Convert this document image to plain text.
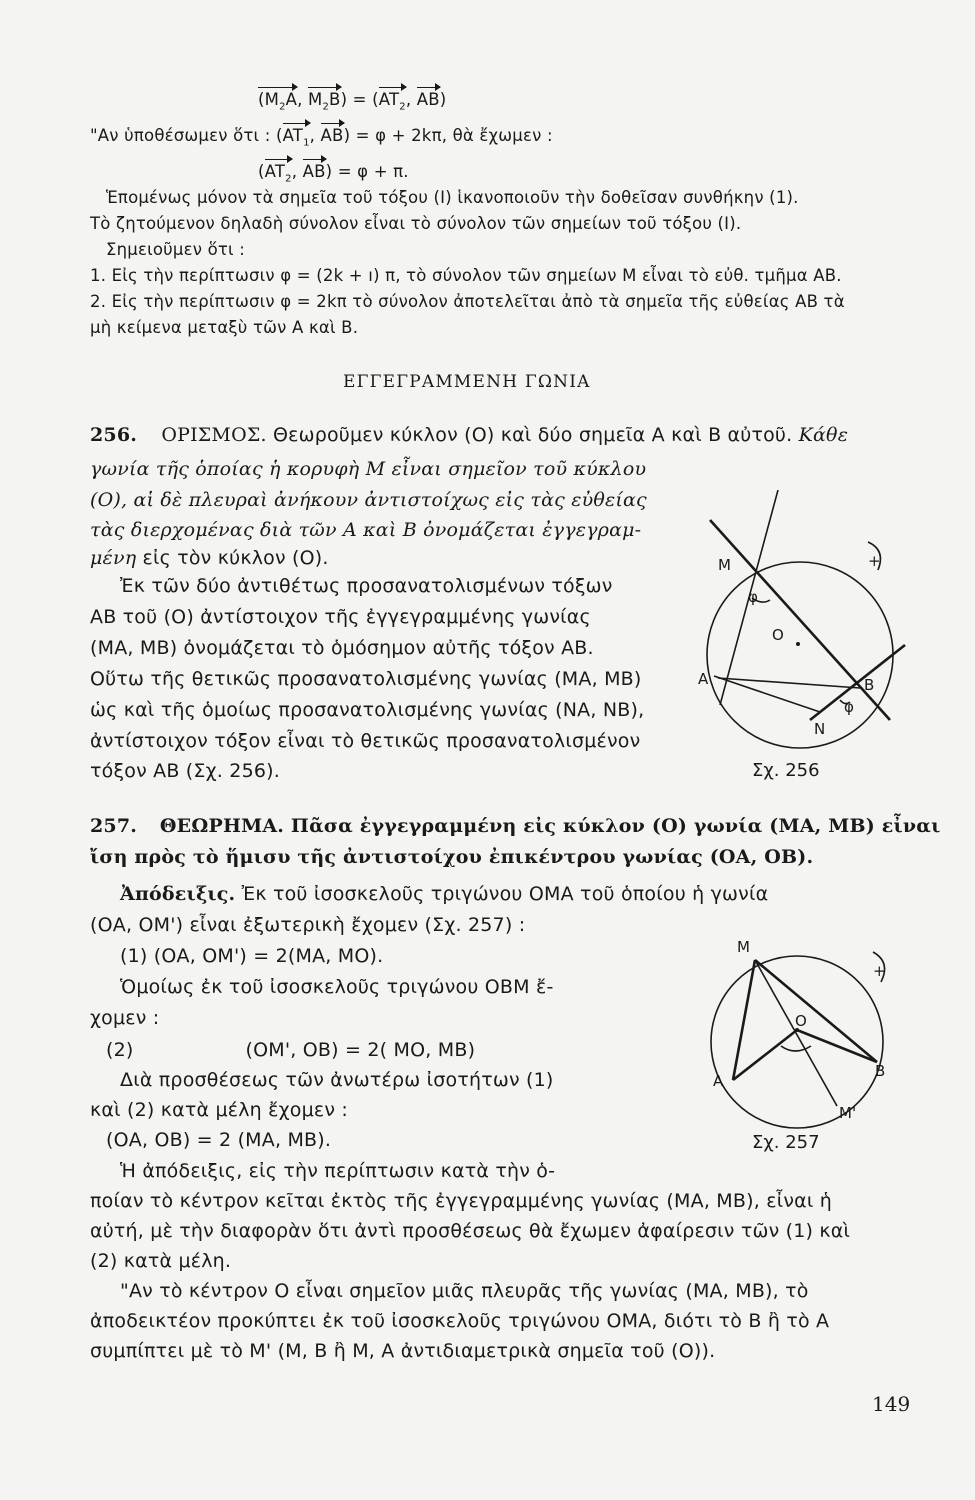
($M_2A$, $M_2B) = (AT_2$, AB)
"Αν ὑποθέσωμεν ὅτι : ($AT_1$, AB) = φ + 2kπ, θὰ ἔχωμεν :
($AT_2$, AB) = φ + π.
Ἑπομένως μόνον τὰ σημεῖα τοῦ τόξου (Ι) ἱκανοποιοῦν τὴν δοθεῖσαν συνθήκην (1).
Τὸ ζητούμενον δηλαδὴ σύνολον εἶναι τὸ σύνολον τῶν σημείων τοῦ τόξου (Ι).
Σημειοῦμεν ὅτι :
1. Εἰς τὴν περίπτωσιν φ = (2k + ı) π, τὸ σύνολον τῶν σημείων Μ εἶναι τὸ εὐθ. τμῆμα ΑΒ.
2. Εἰς τὴν περίπτωσιν φ = 2kπ τὸ σύνολον ἀποτελεῖται ἀπὸ τὰ σημεῖα τῆς εὐθείας ΑΒ τὰ
μὴ κείμενα μεταξὺ τῶν Α καὶ Β.
ΕΓΓΕΓΡΑΜΜΕΝΗ ΓΩΝΙΑ
256. ΟΡΙΣΜΟΣ. Θεωροῦμεν κύκλον (Ο) καὶ δύο σημεῖα Α καὶ Β αὐτοῦ. Κάθε
γωνία τῆς ὁποίας ἡ κορυφὴ Μ εἶναι σημεῖον τοῦ κύκλου
(Ο), αἱ δὲ πλευραὶ ἀνήκουν ἀντιστοίχως εἰς τὰς εὐθείας
τὰς διερχομένας διὰ τῶν Α καὶ Β ὀνομάζεται ἐγγεγραμ-
μένη εἰς τὸν κύκλον (Ο).
Ἐκ τῶν δύο ἀντιθέτως προσανατολισμένων τόξων
ΑΒ τοῦ (Ο) ἀντίστοιχον τῆς ἐγγεγραμμένης γωνίας
(ΜΑ, ΜΒ) ὀνομάζεται τὸ ὁμόσημον αὐτῆς τόξον ΑΒ.
Οὕτω τῆς θετικῶς προσανατολισμένης γωνίας (ΜΑ, ΜΒ)
ὡς καὶ τῆς ὁμοίως προσανατολισμένης γωνίας (ΝΑ, ΝΒ),
ἀντίστοιχον τόξον εἶναι τὸ θετικῶς προσανατολισμένον
τόξον ΑΒ (Σχ. 256).
Μ
φ
Ο
Α	Β
φ
Ν
+
Σχ. 256
257. ΘΕΩΡΗΜΑ. Πᾶσα ἐγγεγραμμένη εἰς κύκλον (Ο) γωνία (ΜΑ, ΜΒ) εἶναι
ἴση πρὸς τὸ ἥμισυ τῆς ἀντιστοίχου ἐπικέντρου γωνίας (ΟΑ, ΟΒ).
Ἀπόδειξις. Ἐκ τοῦ ἰσοσκελοῦς τριγώνου ΟΜΑ τοῦ ὁποίου ἡ γωνία
(ΟΑ, ΟΜ') εἶναι ἐξωτερικὴ ἔχομεν (Σχ. 257) :
(1) (ΟΑ, ΟΜ') = 2(ΜΑ, ΜΟ).
Ὁμοίως ἐκ τοῦ ἰσοσκελοῦς τριγώνου ΟΒΜ ἔ-
χομεν :
(2)	(ΟΜ', ΟΒ) = 2( ΜΟ, ΜΒ)
Διὰ προσθέσεως τῶν ἀνωτέρω ἰσοτήτων (1)
καὶ (2) κατὰ μέλη ἔχομεν :
(ΟΑ, ΟΒ) = 2 (ΜΑ, ΜΒ).
Ἡ ἀπόδειξις, εἰς τὴν περίπτωσιν κατὰ τὴν ὁ-
ποίαν τὸ κέντρον κεῖται ἐκτὸς τῆς ἐγγεγραμμένης γωνίας (ΜΑ, ΜΒ), εἶναι ἡ
αὐτή, μὲ τὴν διαφορὰν ὅτι ἀντὶ προσθέσεως θὰ ἔχωμεν ἀφαίρεσιν τῶν (1) καὶ
(2) κατὰ μέλη.
"Αν τὸ κέντρον Ο εἶναι σημεῖον μιᾶς πλευρᾶς τῆς γωνίας (ΜΑ, ΜΒ), τὸ
ἀποδεικτέον προκύπτει ἐκ τοῦ ἰσοσκελοῦς τριγώνου ΟΜΑ, διότι τὸ Β ἢ τὸ Α
συμπίπτει μὲ τὸ Μ' (Μ, Β ἢ Μ, Α ἀντιδιαμετρικὰ σημεῖα τοῦ (Ο)).
Μ
Ο
Α
Β
Μ'
+
Σχ. 257
149
